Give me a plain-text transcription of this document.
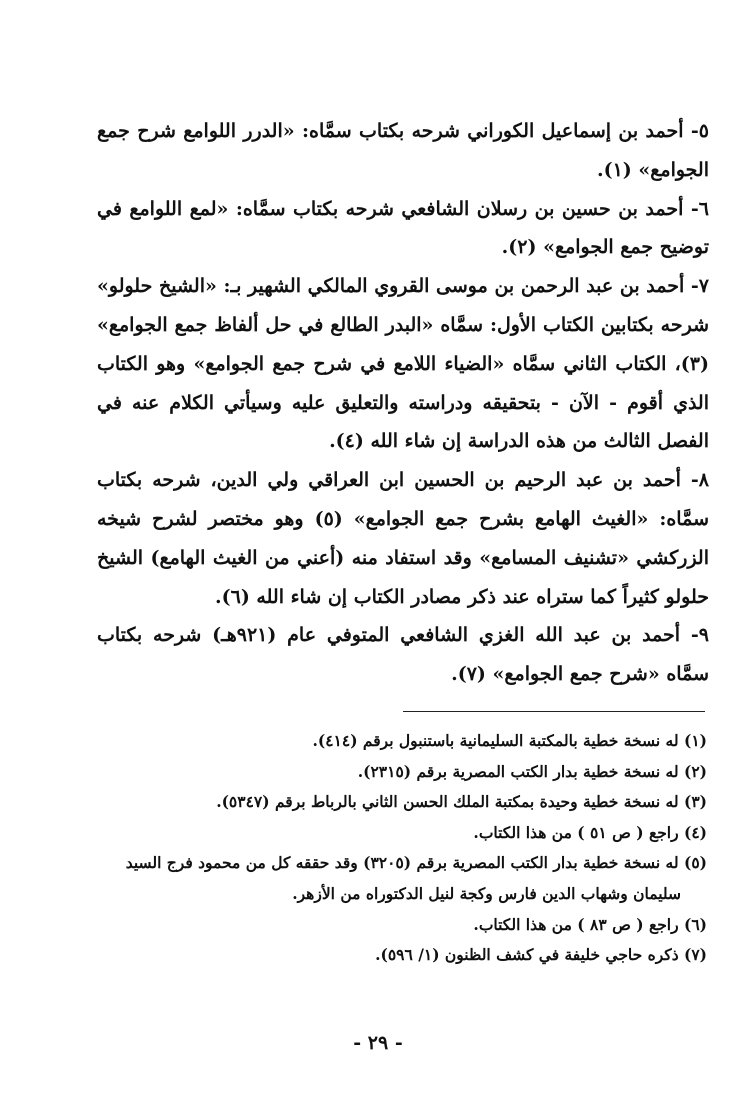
٥- أحمد بن إسماعيل الكوراني شرحه بكتاب سمَّاه: «الدرر اللوامع شرح جمع الجوامع» (١).

٦- أحمد بن حسين بن رسلان الشافعي شرحه بكتاب سمَّاه: «لمع اللوامع في توضيح جمع الجوامع» (٢).

٧- أحمد بن عبد الرحمن بن موسى القروي المالكي الشهير بـ: «الشيخ حلولو» شرحه بكتابين الكتاب الأول: سمَّاه «البدر الطالع في حل ألفاظ جمع الجوامع» (٣)، الكتاب الثاني سمَّاه «الضياء اللامع في شرح جمع الجوامع» وهو الكتاب الذي أقوم - الآن - بتحقيقه ودراسته والتعليق عليه وسيأتي الكلام عنه في الفصل الثالث من هذه الدراسة إن شاء الله (٤).

٨- أحمد بن عبد الرحيم بن الحسين ابن العراقي ولي الدين، شرحه بكتاب سمَّاه: «الغيث الهامع بشرح جمع الجوامع» (٥) وهو مختصر لشرح شيخه الزركشي «تشنيف المسامع» وقد استفاد منه (أعني من الغيث الهامع) الشيخ حلولو كثيراً كما ستراه عند ذكر مصادر الكتاب إن شاء الله (٦).

٩- أحمد بن عبد الله الغزي الشافعي المتوفي عام (٩٢١هـ) شرحه بكتاب سمَّاه «شرح جمع الجوامع» (٧).

(١) له نسخة خطية بالمكتبة السليمانية باستنبول برقم (٤١٤).

(٢) له نسخة خطية بدار الكتب المصرية برقم (٢٣١٥).

(٣) له نسخة خطية وحيدة بمكتبة الملك الحسن الثاني بالرباط برقم (٥٣٤٧).

(٤) راجع ( ص ٥١ ) من هذا الكتاب.

(٥) له نسخة خطية بدار الكتب المصرية برقم (٣٢٠٥) وقد حققه كل من محمود فرج السيد

سليمان وشهاب الدين فارس وكجة لنيل الدكتوراه من الأزهر.

(٦) راجع ( ص ٨٣ ) من هذا الكتاب.

(٧) ذكره حاجي خليفة في كشف الظنون (١/ ٥٩٦).

- ٢٩ -
